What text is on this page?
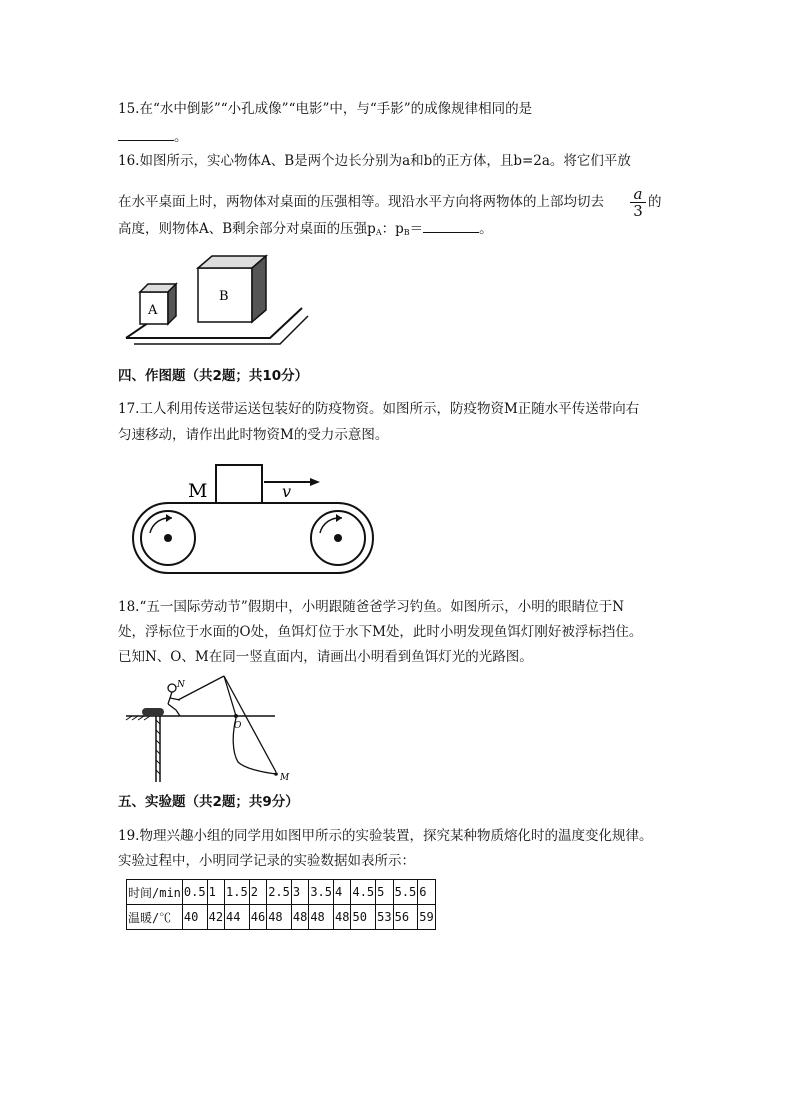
15.在“水中倒影”“小孔成像”“电影”中，与“手影”的成像规律相同的是
。
16.如图所示，实心物体A、B是两个边长分别为a和b的正方体，且b=2a。将它们平放
在水平桌面上时，两物体对桌面的压强相等。现沿水平方向将两物体的上部均切去 $\frac{a}{3}$ 的
高度，则物体A、B剩余部分对桌面的压强$p_A$：$p_B=$	。
A
B
四、作图题（共2题；共10分）
17.工人利用传送带运送包装好的防疫物资。如图所示，防疫物资M正随水平传送带向右
匀速移动，请作出此时物资M的受力示意图。
M	v
18.“五一国际劳动节”假期中，小明跟随爸爸学习钓鱼。如图所示，小明的眼睛位于N
处，浮标位于水面的O处，鱼饵灯位于水下M处，此时小明发现鱼饵灯刚好被浮标挡住。
已知N、O、M在同一竖直面内，请画出小明看到鱼饵灯光的光路图。
N
O
M
五、实验题（共2题；共9分）
19.物理兴趣小组的同学用如图甲所示的实验装置，探究某种物质熔化时的温度变化规律。
实验过程中，小明同学记录的实验数据如表所示：
时间/min	0.5	1	1.5	2	2.5	3	3.5	4	4.5	5	5.5	6
温暖/℃	40	42	44	46	48	48	48	48	50	53	56	59
